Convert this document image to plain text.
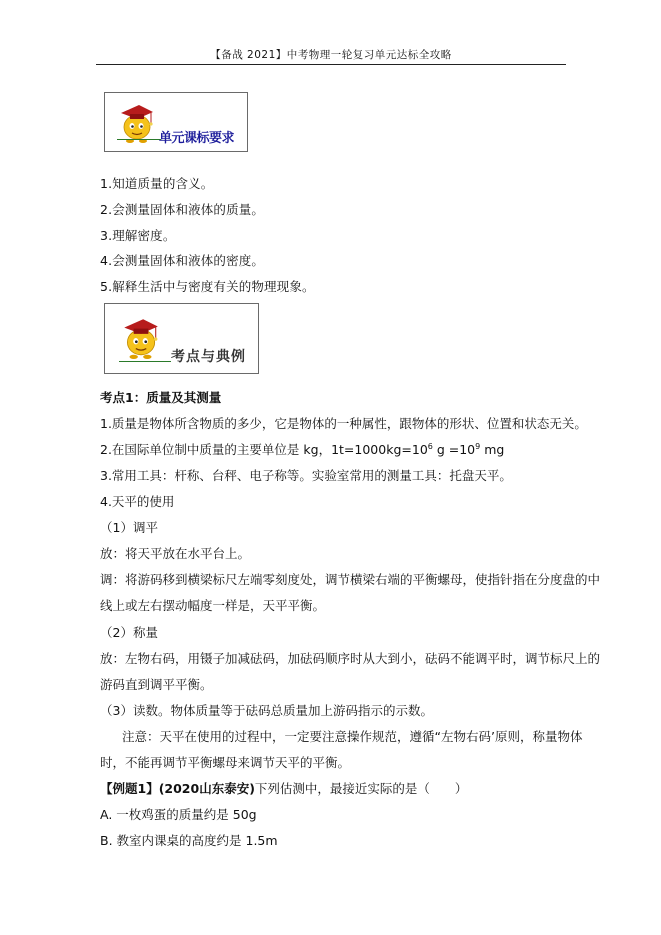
【备战 2021】中考物理一轮复习单元达标全攻略
单元课标要求
1.知道质量的含义。
2.会测量固体和液体的质量。
3.理解密度。
4.会测量固体和液体的密度。
5.解释生活中与密度有关的物理现象。
考点与典例
考点1：质量及其测量
1.质量是物体所含物质的多少，它是物体的一种属性，跟物体的形状、位置和状态无关。
2.在国际单位制中质量的主要单位是 kg，$1t=1000kg=10^6$ $g =10^9$ mg
3.常用工具：杆称、台秤、电子称等。实验室常用的测量工具：托盘天平。
4.天平的使用
（1）调平
放：将天平放在水平台上。
调：将游码移到横梁标尺左端零刻度处，调节横梁右端的平衡螺母，使指针指在分度盘的中
线上或左右摆动幅度一样是，天平平衡。
（2）称量
放：左物右码，用镊子加减砝码，加砝码顺序时从大到小，砝码不能调平时，调节标尺上的
游码直到调平平衡。
（3）读数。物体质量等于砝码总质量加上游码指示的示数。
注意：天平在使用的过程中，一定要注意操作规范，遵循“左物右码’原则，称量物体
时，不能再调节平衡螺母来调节天平的平衡。
【例题1】(2020山东泰安)下列估测中，最接近实际的是（　　）
A. 一枚鸡蛋的质量约是 50g
B. 教室内课桌的高度约是 1.5m
